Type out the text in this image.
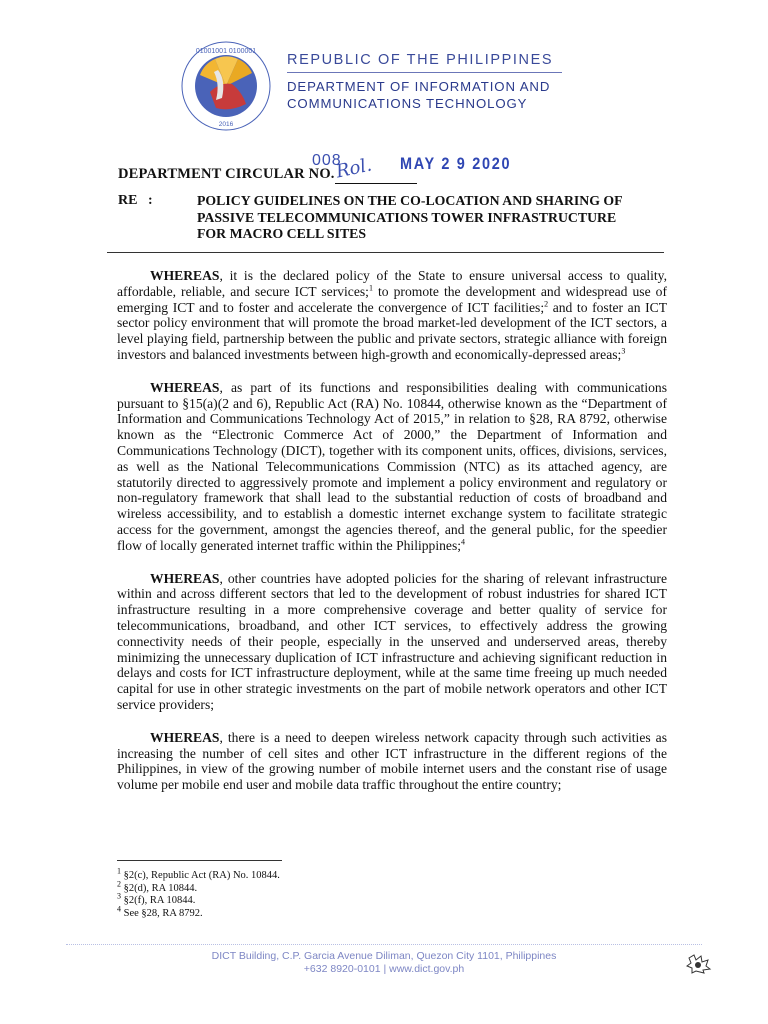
01001001 0100001
2016
REPUBLIC OF THE PHILIPPINES
DEPARTMENT OF INFORMATION AND
COMMUNICATIONS TECHNOLOGY
DEPARTMENT CIRCULAR NO.
008
Rol. MAY 2 9 2020
RE :	POLICY GUIDELINES ON THE CO-LOCATION AND SHARING OF PASSIVE TELECOMMUNICATIONS TOWER INFRASTRUCTURE FOR MACRO CELL SITES

WHEREAS, it is the declared policy of the State to ensure universal access to quality, affordable, reliable, and secure ICT services;$^1$ to promote the development and widespread use of emerging ICT and to foster and accelerate the convergence of ICT facilities;$^2$ and to foster an ICT sector policy environment that will promote the broad market-led development of the ICT sectors, a level playing field, partnership between the public and private sectors, strategic alliance with foreign investors and balanced investments between high-growth and economically-depressed areas;$^3$

WHEREAS, as part of its functions and responsibilities dealing with communications pursuant to §15(a)(2 and 6), Republic Act (RA) No. 10844, otherwise known as the “Department of Information and Communications Technology Act of 2015,” in relation to §28, RA 8792, otherwise known as the “Electronic Commerce Act of 2000,” the Department of Information and Communications Technology (DICT), together with its component units, offices, divisions, services, as well as the National Telecommunications Commission (NTC) as its attached agency, are statutorily directed to aggressively promote and implement a policy environment and regulatory or non-regulatory framework that shall lead to the substantial reduction of costs of broadband and wireless accessibility, and to establish a domestic internet exchange system to facilitate strategic access for the government, amongst the agencies thereof, and the general public, for the speedier flow of locally generated internet traffic within the Philippines;$^4$

WHEREAS, other countries have adopted policies for the sharing of relevant infrastructure within and across different sectors that led to the development of robust industries for shared ICT infrastructure resulting in a more comprehensive coverage and better quality of service for telecommunications, broadband, and other ICT services, to effectively address the growing connectivity needs of their people, especially in the unserved and underserved areas, thereby minimizing the unnecessary duplication of ICT infrastructure and achieving significant reduction in delays and costs for ICT infrastructure deployment, while at the same time freeing up much needed capital for use in other strategic investments on the part of mobile network operators and other ICT service providers;

WHEREAS, there is a need to deepen wireless network capacity through such activities as increasing the number of cell sites and other ICT infrastructure in the different regions of the Philippines, in view of the growing number of mobile internet users and the constant rise of usage volume per mobile end user and mobile data traffic throughout the entire country;

$^1$ §2(c), Republic Act (RA) No. 10844.
$^2$ §2(d), RA 10844.
$^3$ §2(f), RA 10844.
$^4$ See §28, RA 8792.
DICT Building, C.P. Garcia Avenue Diliman, Quezon City 1101, Philippines
+632 8920-0101 | www.dict.gov.ph
